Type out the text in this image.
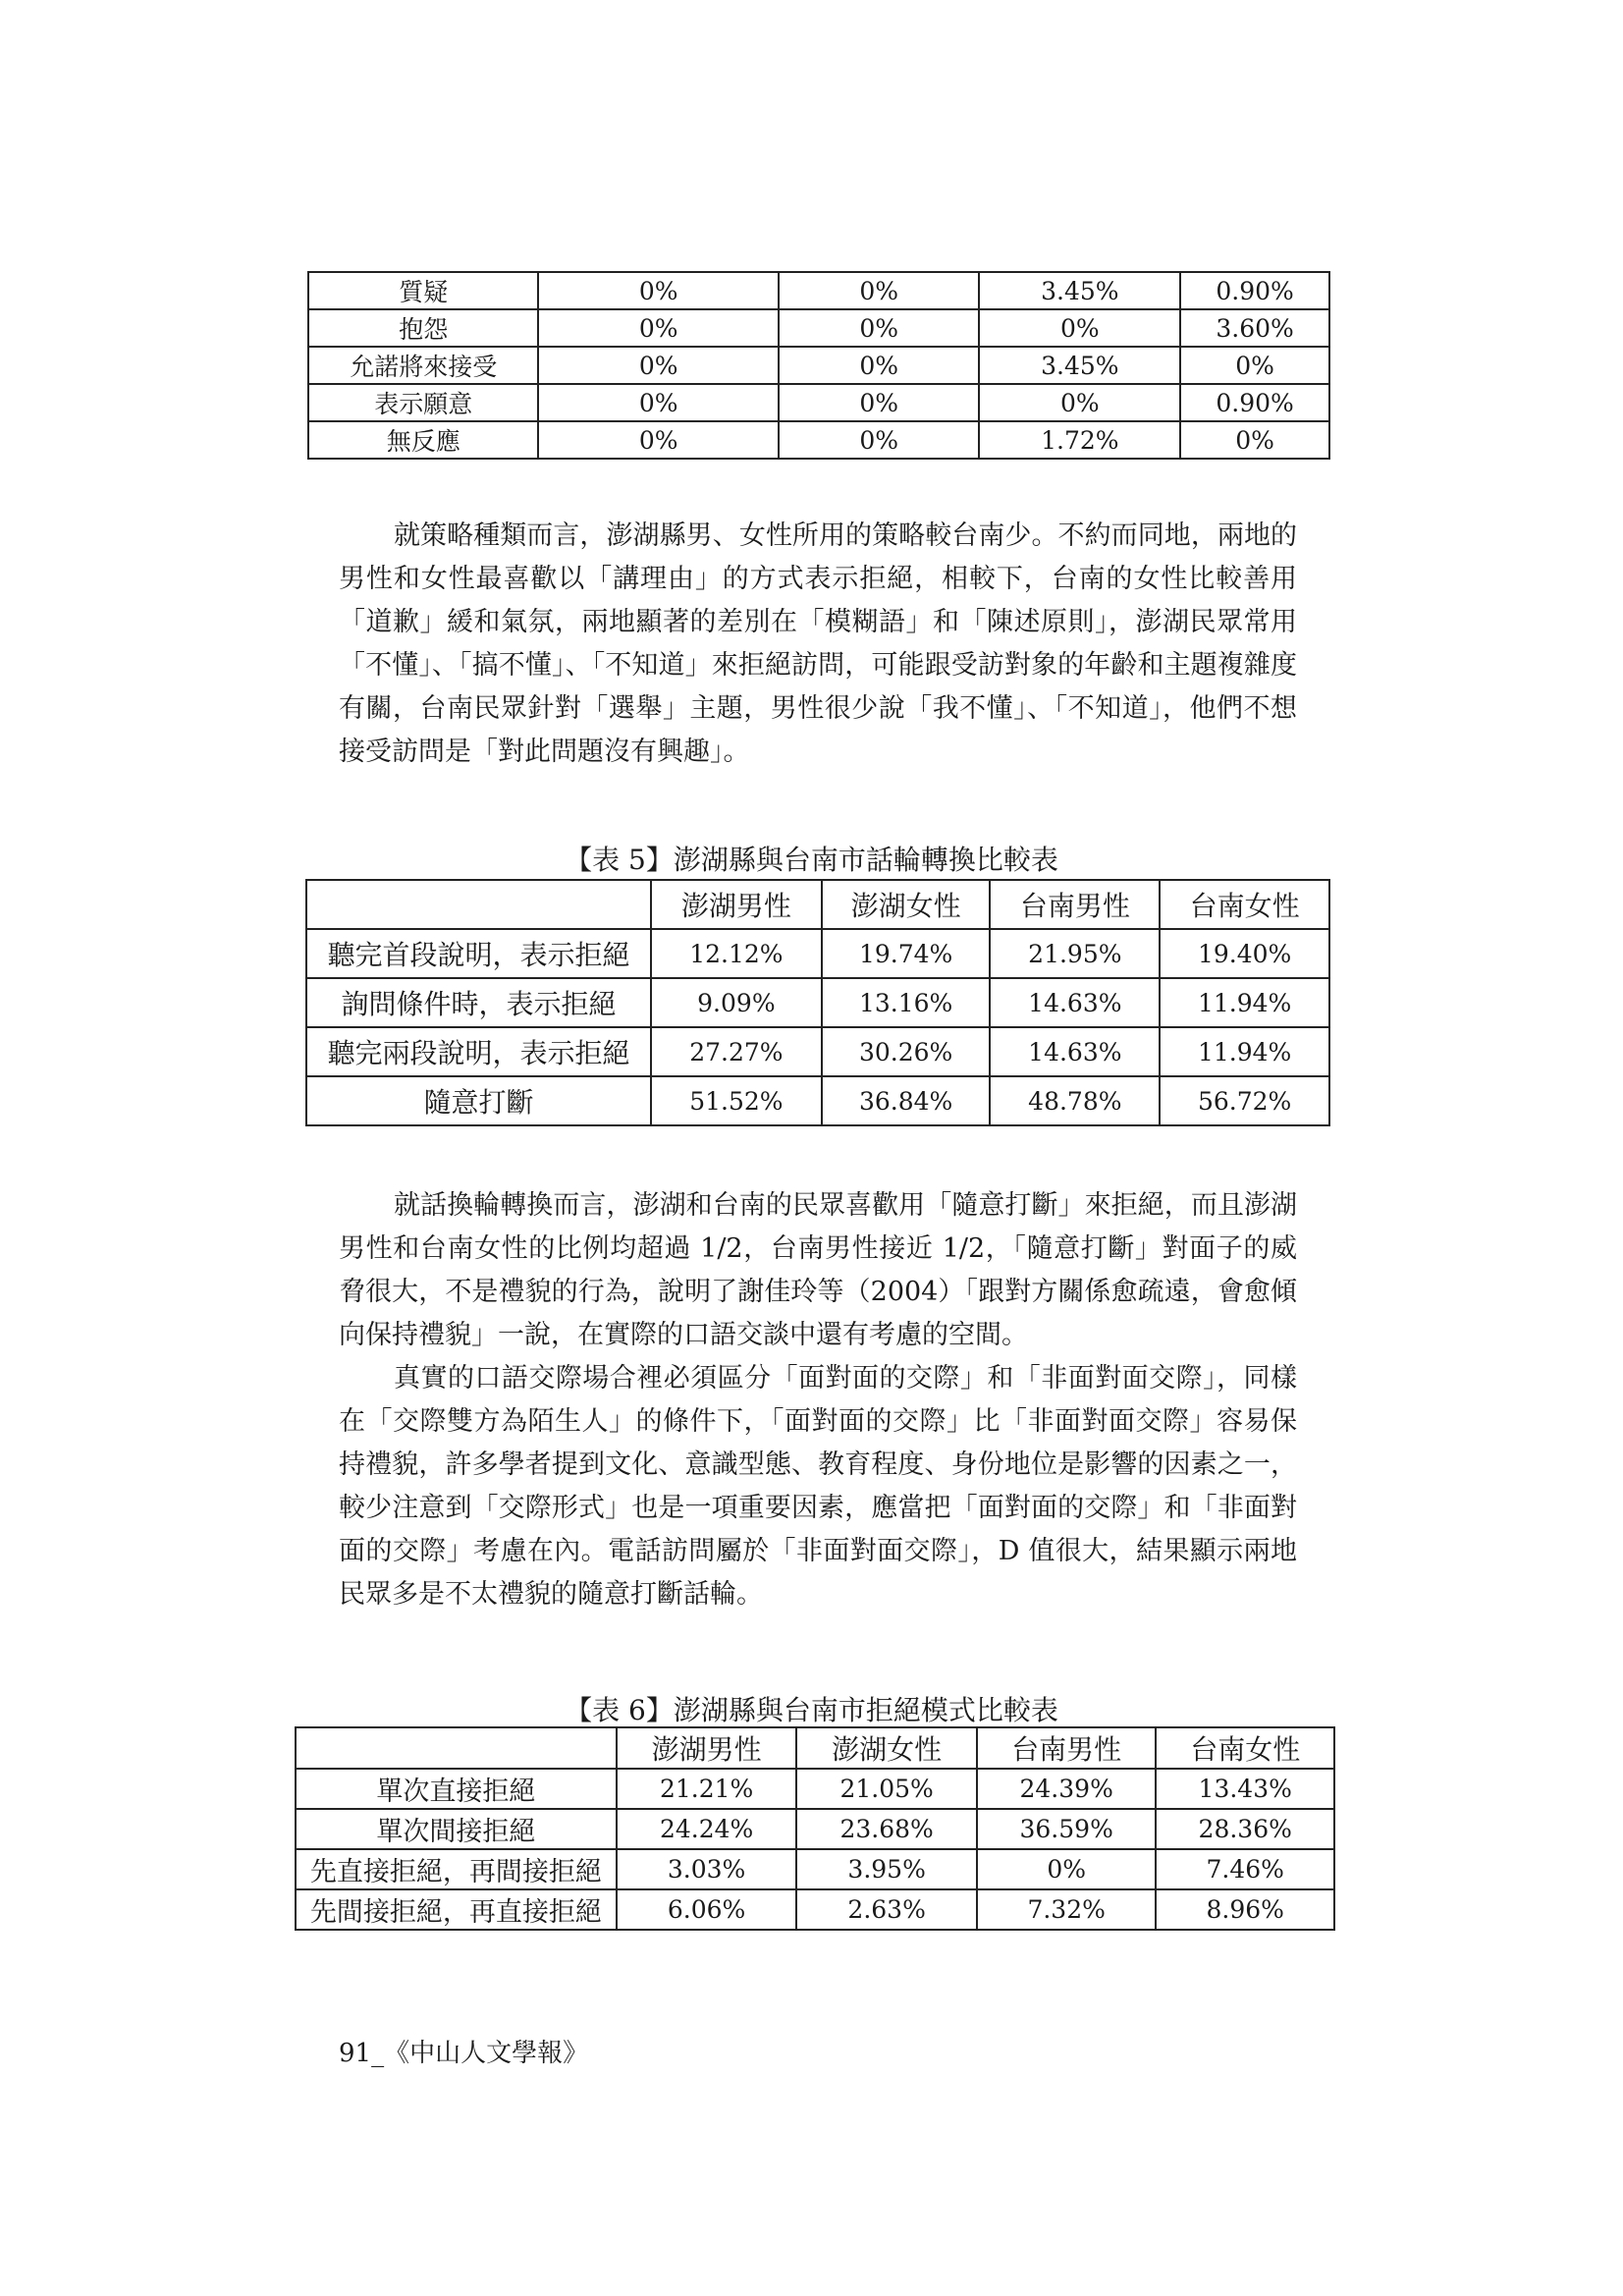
質疑	0%	0%	3.45%	0.90%
抱怨	0%	0%	0%	3.60%
允諾將來接受	0%	0%	3.45%	0%
表示願意	0%	0%	0%	0.90%
無反應	0%	0%	1.72%	0%

就策略種類而言，澎湖縣男、女性所用的策略較台南少。不約而同地，兩地的男性和女性最喜歡以「講理由」的方式表示拒絕，相較下，台南的女性比較善用「道歉」緩和氣氛，兩地顯著的差別在「模糊語」和「陳述原則」，澎湖民眾常用「不懂」、「搞不懂」、「不知道」來拒絕訪問，可能跟受訪對象的年齡和主題複雜度有關，台南民眾針對「選舉」主題，男性很少說「我不懂」、「不知道」，他們不想接受訪問是「對此問題沒有興趣」。

【表 5】澎湖縣與台南市話輪轉換比較表

	澎湖男性	澎湖女性	台南男性	台南女性
聽完首段說明，表示拒絕	12.12%	19.74%	21.95%	19.40%
詢問條件時，表示拒絕	9.09%	13.16%	14.63%	11.94%
聽完兩段說明，表示拒絕	27.27%	30.26%	14.63%	11.94%
隨意打斷	51.52%	36.84%	48.78%	56.72%

就話換輪轉換而言，澎湖和台南的民眾喜歡用「隨意打斷」來拒絕，而且澎湖男性和台南女性的比例均超過 1/2，台南男性接近 1/2，「隨意打斷」對面子的威脅很大，不是禮貌的行為，說明了謝佳玲等（2004）「跟對方關係愈疏遠，會愈傾向保持禮貌」一說，在實際的口語交談中還有考慮的空間。

真實的口語交際場合裡必須區分「面對面的交際」和「非面對面交際」，同樣在「交際雙方為陌生人」的條件下，「面對面的交際」比「非面對面交際」容易保持禮貌，許多學者提到文化、意識型態、教育程度、身份地位是影響的因素之一，較少注意到「交際形式」也是一項重要因素，應當把「面對面的交際」和「非面對面的交際」考慮在內。電話訪問屬於「非面對面交際」，D 值很大，結果顯示兩地民眾多是不太禮貌的隨意打斷話輪。

【表 6】澎湖縣與台南市拒絕模式比較表

	澎湖男性	澎湖女性	台南男性	台南女性
單次直接拒絕	21.21%	21.05%	24.39%	13.43%
單次間接拒絕	24.24%	23.68%	36.59%	28.36%
先直接拒絕，再間接拒絕	3.03%	3.95%	0%	7.46%
先間接拒絕，再直接拒絕	6.06%	2.63%	7.32%	8.96%

91_《中山人文學報》
